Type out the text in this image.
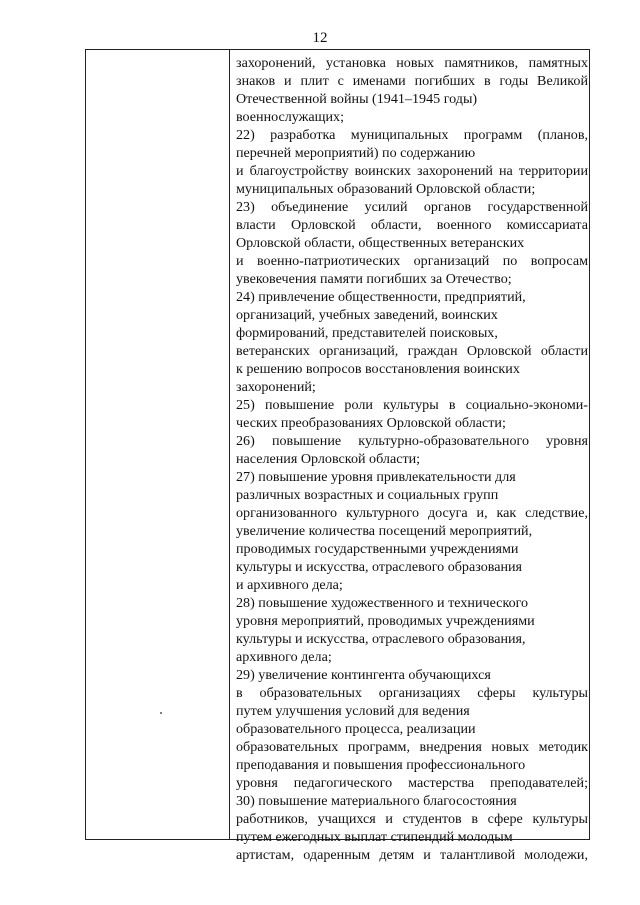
12
захоронений, установка новых памятников, памятных
знаков и плит с именами погибших в годы Великой
Отечественной войны (1941–1945 годы)
военнослужащих;
22) разработка муниципальных программ (планов,
перечней мероприятий) по содержанию
и благоустройству воинских захоронений на территории
муниципальных образований Орловской области;
23) объединение усилий органов государственной
власти Орловской области, военного комиссариата
Орловской области, общественных ветеранских
и военно-патриотических организаций по вопросам
увековечения памяти погибших за Отечество;
24) привлечение общественности, предприятий,
организаций, учебных заведений, воинских
формирований, представителей поисковых,
ветеранских организаций, граждан Орловской области
к решению вопросов восстановления воинских
захоронений;
25) повышение роли культуры в социально-экономи-
ческих преобразованиях Орловской области;
26) повышение культурно-образовательного уровня
населения Орловской области;
27) повышение уровня привлекательности для
различных возрастных и социальных групп
организованного культурного досуга и, как следствие,
увеличение количества посещений мероприятий,
проводимых государственными учреждениями
культуры и искусства, отраслевого образования
и архивного дела;
28) повышение художественного и технического
уровня мероприятий, проводимых учреждениями
культуры и искусства, отраслевого образования,
архивного дела;
29) увеличение контингента обучающихся
в образовательных организациях сферы культуры
путем улучшения условий для ведения
образовательного процесса, реализации
образовательных программ, внедрения новых методик
преподавания и повышения профессионального
уровня педагогического мастерства преподавателей;
30) повышение материального благосостояния
работников, учащихся и студентов в сфере культуры
путем ежегодных выплат стипендий молодым
артистам, одаренным детям и талантливой молодежи,
